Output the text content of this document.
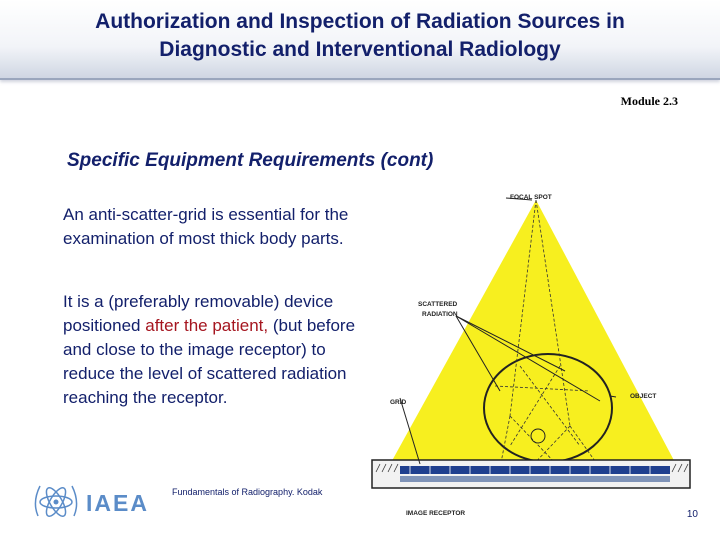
Authorization and Inspection of Radiation Sources in
Diagnostic and Interventional Radiology
Module 2.3
Specific Equipment Requirements (cont)
An anti-scatter-grid is essential for the examination of most thick body parts.
It is a (preferably removable) device positioned after the patient, (but before and close to the image receptor) to reduce the level of scattered radiation reaching the receptor.
FOCAL SPOT
SCATTERED
RADIATION
OBJECT
GRID
IMAGE RECEPTOR
IAEA	Fundamentals of Radiography. Kodak
10
